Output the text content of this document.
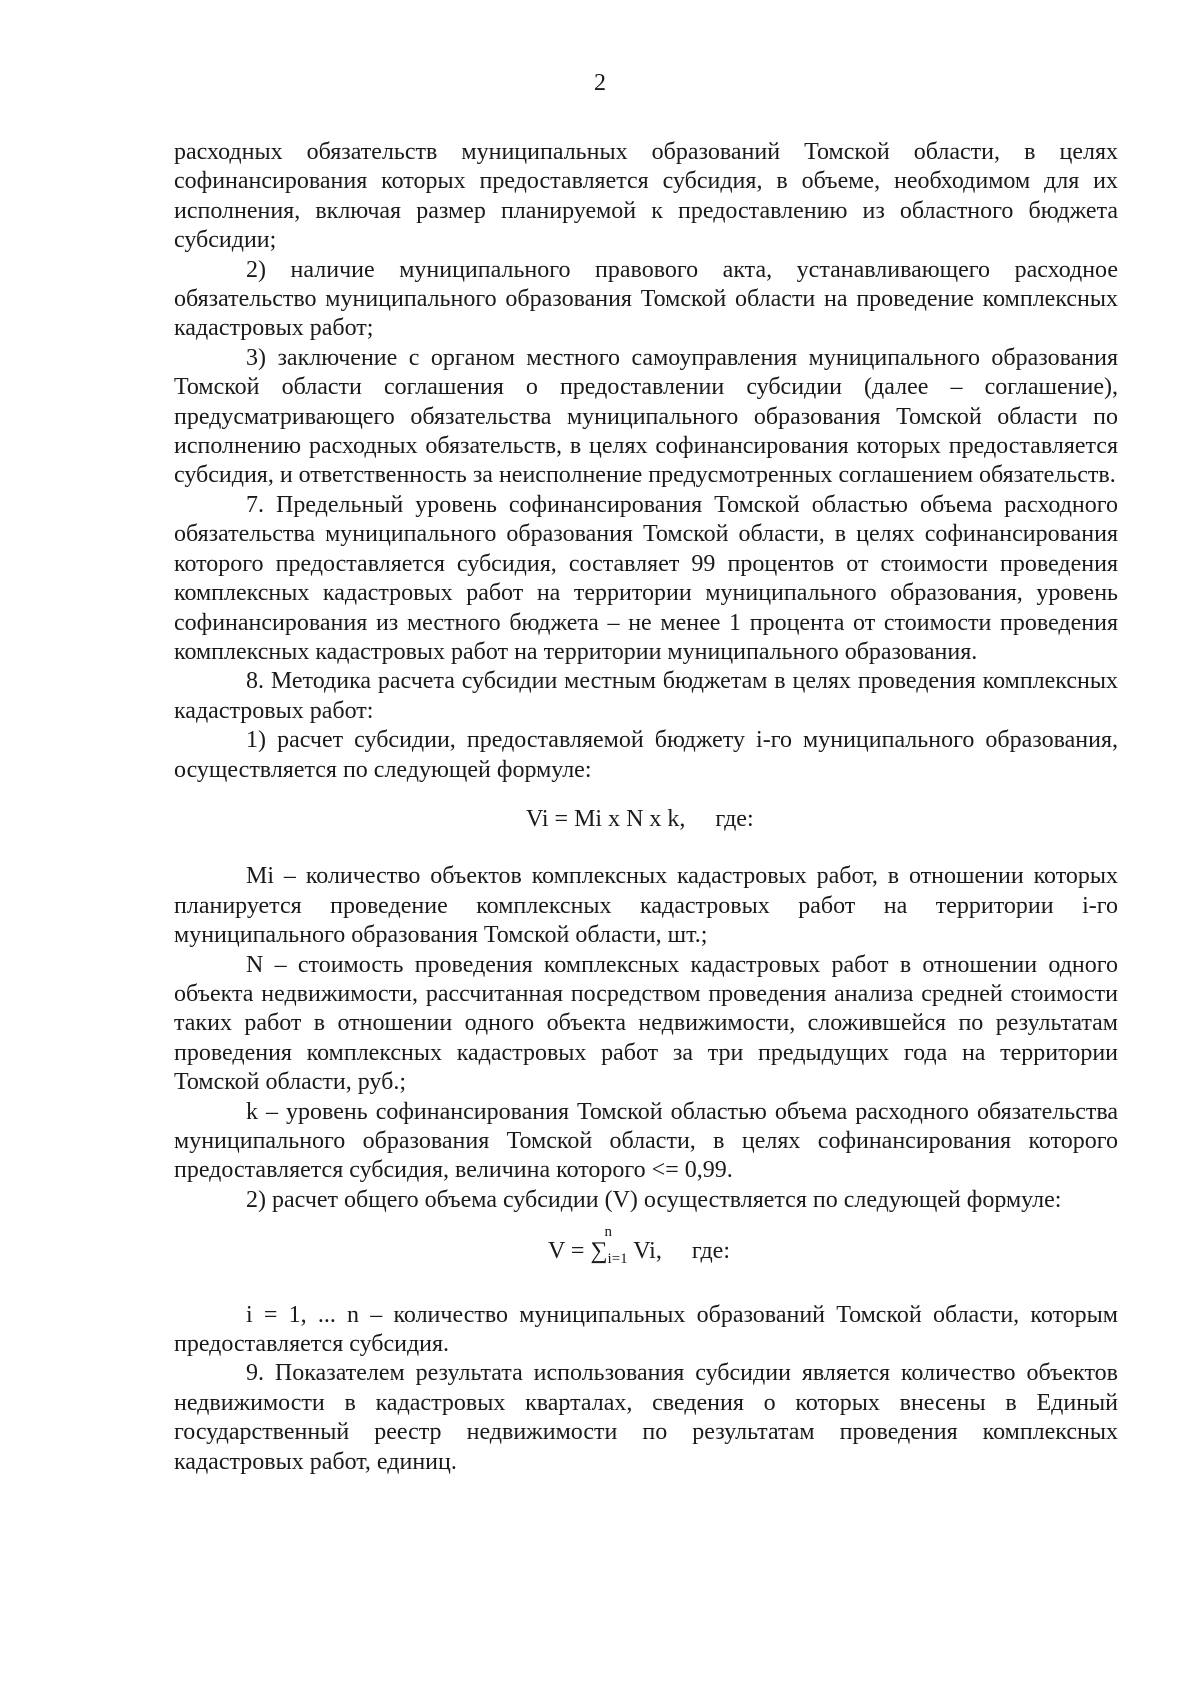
2

расходных обязательств муниципальных образований Томской области, в целях софинансирования которых предоставляется субсидия, в объеме, необходимом для их исполнения, включая размер планируемой к предоставлению из областного бюджета субсидии;

2) наличие муниципального правового акта, устанавливающего расходное обязательство муниципального образования Томской области на проведение комплексных кадастровых работ;

3) заключение с органом местного самоуправления муниципального образования Томской области соглашения о предоставлении субсидии (далее – соглашение), предусматривающего обязательства муниципального образования Томской области по исполнению расходных обязательств, в целях софинансирования которых предоставляется субсидия, и ответственность за неисполнение предусмотренных соглашением обязательств.

7. Предельный уровень софинансирования Томской областью объема расходного обязательства муниципального образования Томской области, в целях софинансирования которого предоставляется субсидия, составляет 99 процентов от стоимости проведения комплексных кадастровых работ на территории муниципального образования, уровень софинансирования из местного бюджета – не менее 1 процента от стоимости проведения комплексных кадастровых работ на территории муниципального образования.

8. Методика расчета субсидии местным бюджетам в целях проведения комплексных кадастровых работ:

1) расчет субсидии, предоставляемой бюджету i-го муниципального образования, осуществляется по следующей формуле:

Vi = Mi x N x k,     где:

Mi – количество объектов комплексных кадастровых работ, в отношении которых планируется проведение комплексных кадастровых работ на территории i-го муниципального образования Томской области, шт.;

N – стоимость проведения комплексных кадастровых работ в отношении одного объекта недвижимости, рассчитанная посредством проведения анализа средней стоимости таких работ в отношении одного объекта недвижимости, сложившейся по результатам проведения комплексных кадастровых работ за три предыдущих года на территории Томской области, руб.;

k – уровень софинансирования Томской областью объема расходного обязательства муниципального образования Томской области, в целях софинансирования которого предоставляется субсидия, величина которого <= 0,99.

2) расчет общего объема субсидии (V) осуществляется по следующей формуле:

V = ∑
n
$_{i=1}$ Vi,     где:

i = 1, ... n – количество муниципальных образований Томской области, которым предоставляется субсидия.

9. Показателем результата использования субсидии является количество объектов недвижимости в кадастровых кварталах, сведения о которых внесены в Единый государственный реестр недвижимости по результатам проведения комплексных кадастровых работ, единиц.
